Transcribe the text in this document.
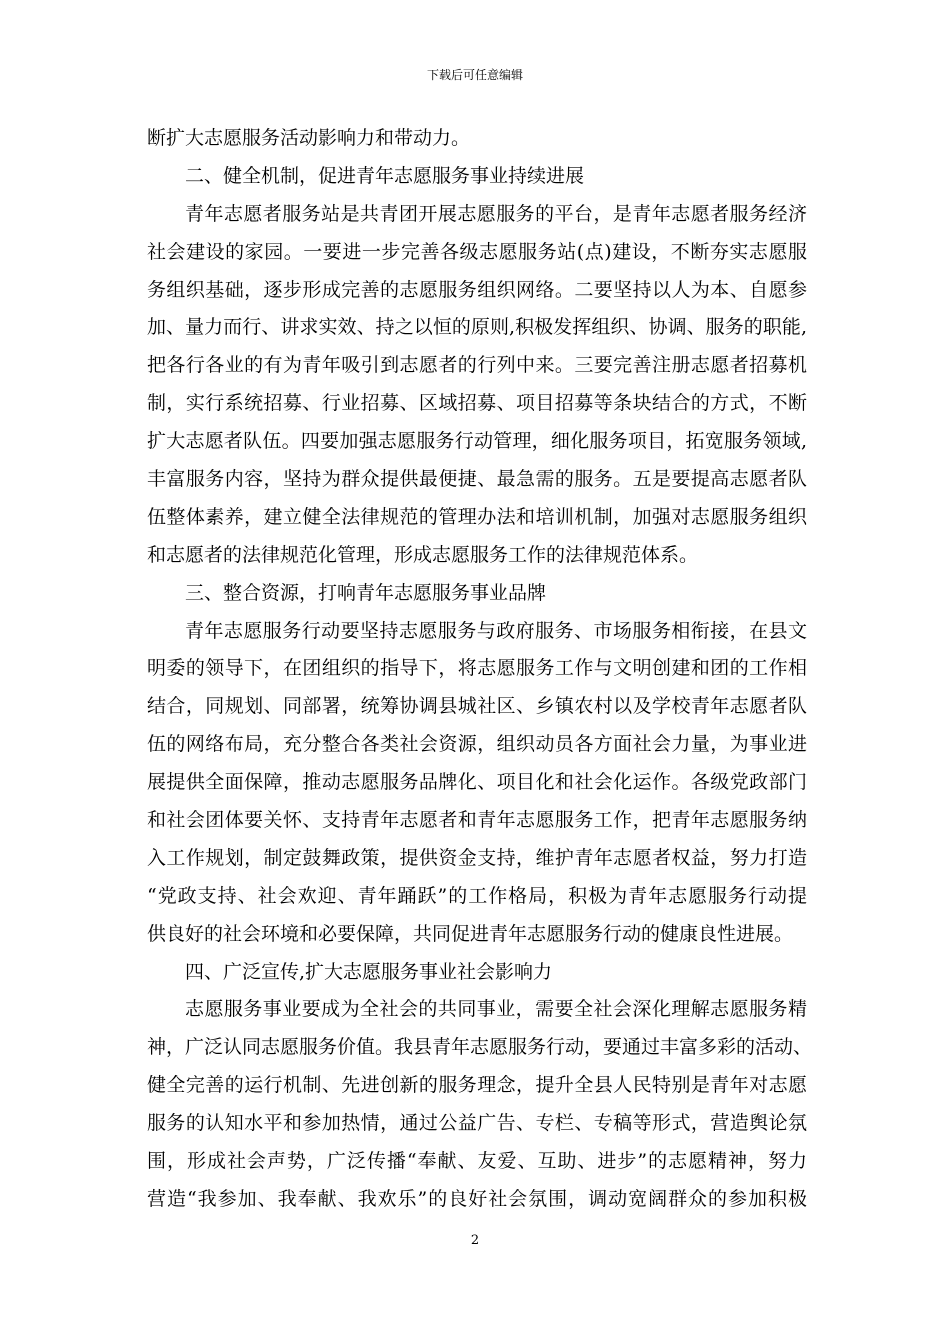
下载后可任意编辑
断扩大志愿服务活动影响力和带动力。
二、健全机制，促进青年志愿服务事业持续进展
青年志愿者服务站是共青团开展志愿服务的平台，是青年志愿者服务经济
社会建设的家园。一要进一步完善各级志愿服务站(点)建设，不断夯实志愿服
务组织基础，逐步形成完善的志愿服务组织网络。二要坚持以人为本、自愿参
加、量力而行、讲求实效、持之以恒的原则,积极发挥组织、协调、服务的职能,
把各行各业的有为青年吸引到志愿者的行列中来。三要完善注册志愿者招募机
制，实行系统招募、行业招募、区域招募、项目招募等条块结合的方式，不断
扩大志愿者队伍。四要加强志愿服务行动管理，细化服务项目，拓宽服务领域,
丰富服务内容，坚持为群众提供最便捷、最急需的服务。五是要提高志愿者队
伍整体素养，建立健全法律规范的管理办法和培训机制，加强对志愿服务组织
和志愿者的法律规范化管理，形成志愿服务工作的法律规范体系。
三、整合资源，打响青年志愿服务事业品牌
青年志愿服务行动要坚持志愿服务与政府服务、市场服务相衔接，在县文
明委的领导下，在团组织的指导下，将志愿服务工作与文明创建和团的工作相
结合，同规划、同部署，统筹协调县城社区、乡镇农村以及学校青年志愿者队
伍的网络布局，充分整合各类社会资源，组织动员各方面社会力量，为事业进
展提供全面保障，推动志愿服务品牌化、项目化和社会化运作。各级党政部门
和社会团体要关怀、支持青年志愿者和青年志愿服务工作，把青年志愿服务纳
入工作规划，制定鼓舞政策，提供资金支持，维护青年志愿者权益，努力打造
“党政支持、社会欢迎、青年踊跃”的工作格局，积极为青年志愿服务行动提
供良好的社会环境和必要保障，共同促进青年志愿服务行动的健康良性进展。
四、广泛宣传,扩大志愿服务事业社会影响力
志愿服务事业要成为全社会的共同事业，需要全社会深化理解志愿服务精
神，广泛认同志愿服务价值。我县青年志愿服务行动，要通过丰富多彩的活动、
健全完善的运行机制、先进创新的服务理念，提升全县人民特别是青年对志愿
服务的认知水平和参加热情，通过公益广告、专栏、专稿等形式，营造舆论氛
围，形成社会声势，广泛传播“奉献、友爱、互助、进步”的志愿精神，努力
营造“我参加、我奉献、我欢乐”的良好社会氛围，调动宽阔群众的参加积极
2
